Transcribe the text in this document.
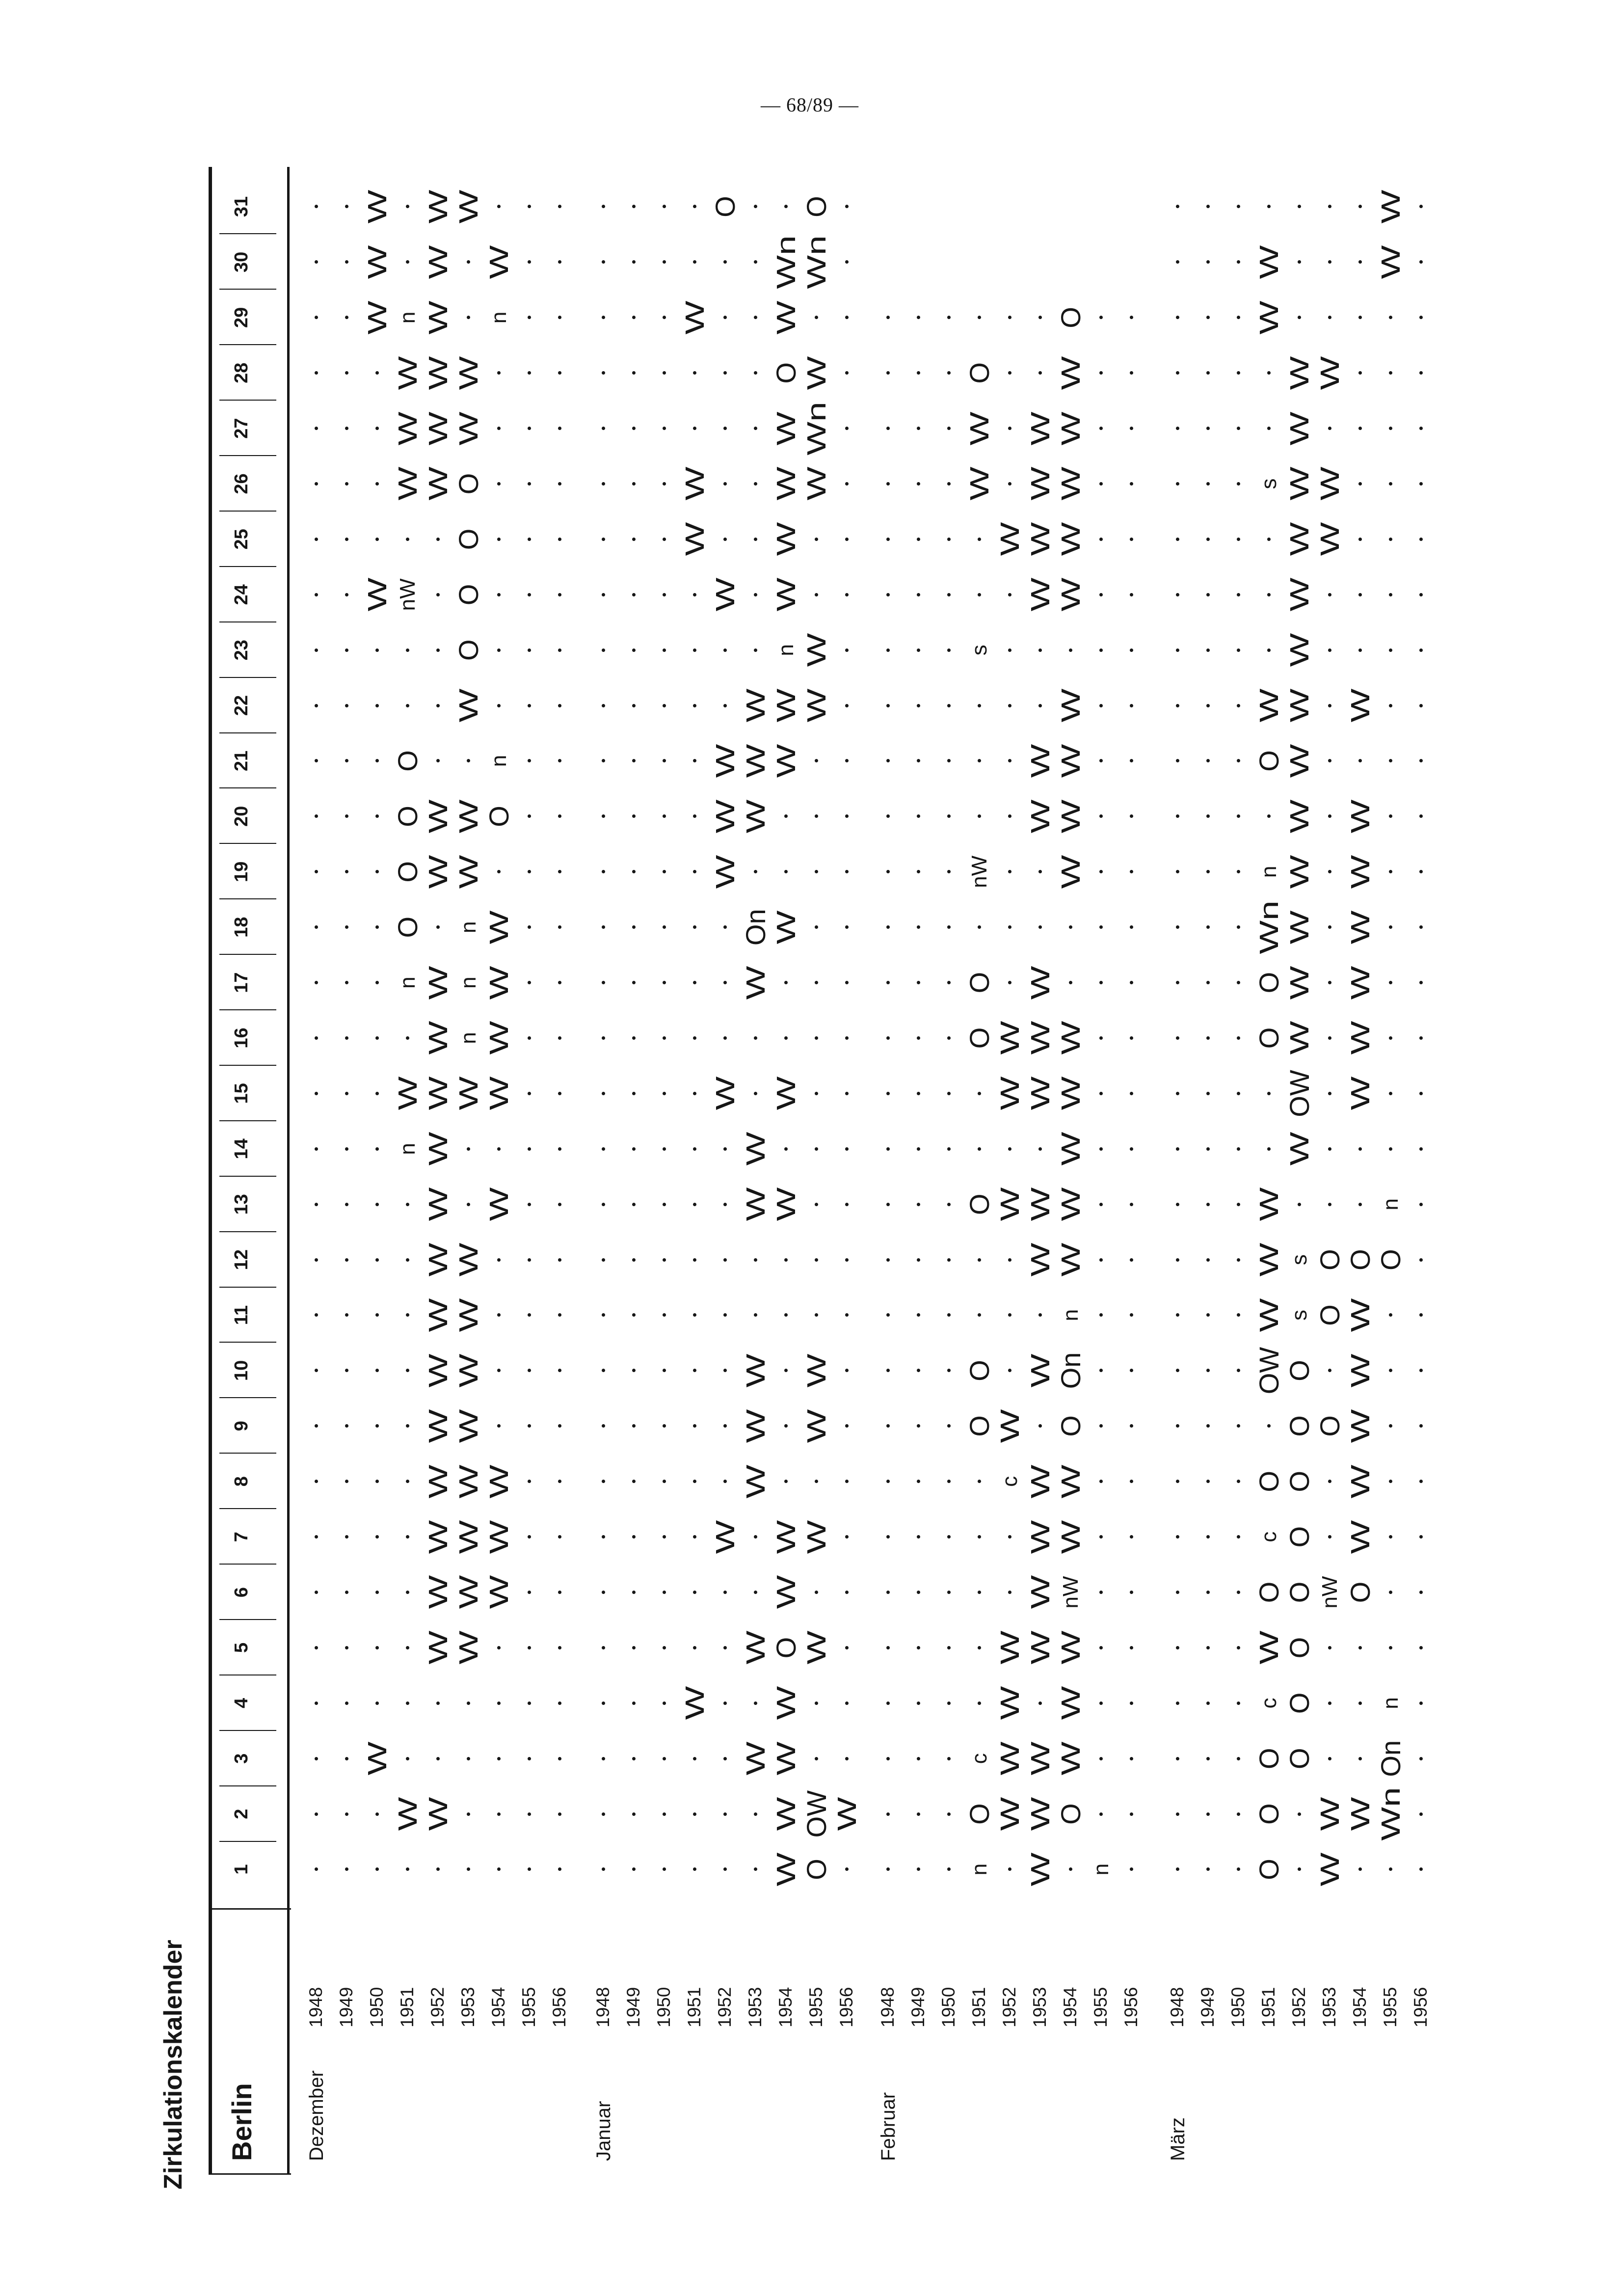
— 68/89 —
Zirkulationskalender Berlin Dezember
1948 1949 1950
W
W
W
W
W
1951
W
n
W
n
O
O
O
O
nW
W
W
W
n
1952
W
W
W
W
W
W
W
W
W
W
W
W
W
W
W
W
W
W
W
W
W
W
1953
W
W
W
W
W
W
W
W
W
n
n
n
W
W
W
O
O
O
O
W
W
W
1954
W
W
W
W
W
W
W
W
O
n
n
W
1955 1956
Januar
1948 1949 1950 1951
W
W
W
W
1952
W
W
W
W
W
W
O
1953
W
W
W
W
W
W
W
W
On
W
W
W
1954
W
W
W
W
O
W
W
W
W
W
W
W
n
W
W
W
W
O
W
Wn
1955
O
OW
W
W
W
W
W
W
W
Wn
W
Wn
O
1956
W
Februar
1948 1949 1950 1951
n
O
c
O
O
O
O
O
nW
s
W
W
O
1952
W
W
W
W
c
W
W
W
W
W
1953
W
W
W
W
W
W
W
W
W
W
W
W
W
W
W
W
W
W
W
1954
O
W
W
W
nW
W
W
O
On
n
W
W
W
W
W
W
W
W
W
W
W
W
W
W
O
1955
n
1956
März
1948 1949 1950 1951
O
O
O
c
W
O
c
O
OW
W
W
W
O
O
Wn
n
O
W
s
W
W
1952
O
O
O
O
O
O
O
O
s
s
W
OW
W
W
W
W
W
W
W
W
W
W
W
W
W
1953
W
W
nW
O
O
O
W
W
W
1954
W
O
W
W
W
W
W
O
W
W
W
W
W
W
W
1955
Wn
On
n
O
n
W
W
1956
1
2
3
4
5
6
7
8
9
10
11
12
13
14
15
16
17
18
19
20
21
22
23
24
25
26
27
28
29
30
31
